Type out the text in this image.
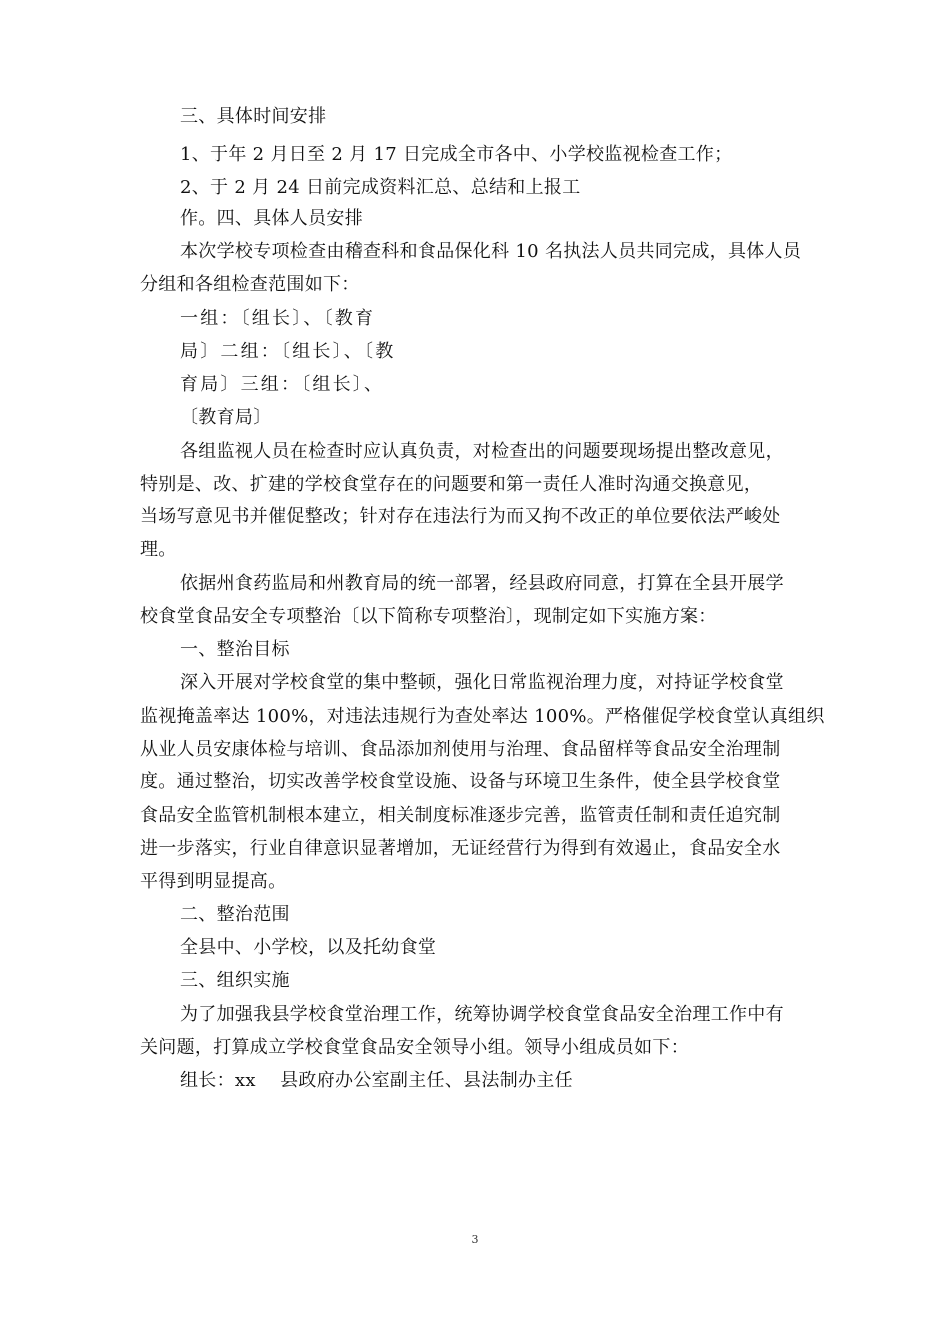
三、具体时间安排
1、于年 2 月日至 2 月 17 日完成全市各中、小学校监视检查工作；
2、于 2 月 24 日前完成资料汇总、总结和上报工
作。四、具体人员安排
本次学校专项检查由稽查科和食品保化科 10 名执法人员共同完成，具体人员
分组和各组检查范围如下：
一组：〔组长〕、〔教育
局〕二组：〔组长〕、〔教
育局〕三组：〔组长〕、
〔教育局〕
各组监视人员在检查时应认真负责，对检查出的问题要现场提出整改意见，
特别是、改、扩建的学校食堂存在的问题要和第一责任人准时沟通交换意见，
当场写意见书并催促整改；针对存在违法行为而又拘不改正的单位要依法严峻处
理。
依据州食药监局和州教育局的统一部署，经县政府同意，打算在全县开展学
校食堂食品安全专项整治〔以下简称专项整治〕，现制定如下实施方案：
一、整治目标
深入开展对学校食堂的集中整顿，强化日常监视治理力度，对持证学校食堂
监视掩盖率达 100%，对违法违规行为查处率达 100%。严格催促学校食堂认真组织
从业人员安康体检与培训、食品添加剂使用与治理、食品留样等食品安全治理制
度。通过整治，切实改善学校食堂设施、设备与环境卫生条件，使全县学校食堂
食品安全监管机制根本建立，相关制度标准逐步完善，监管责任制和责任追究制
进一步落实，行业自律意识显著增加，无证经营行为得到有效遏止，食品安全水
平得到明显提高。
二、整治范围
全县中、小学校，以及托幼食堂
三、组织实施
为了加强我县学校食堂治理工作，统筹协调学校食堂食品安全治理工作中有
关问题，打算成立学校食堂食品安全领导小组。领导小组成员如下：
组长：xx　 县政府办公室副主任、县法制办主任
3
